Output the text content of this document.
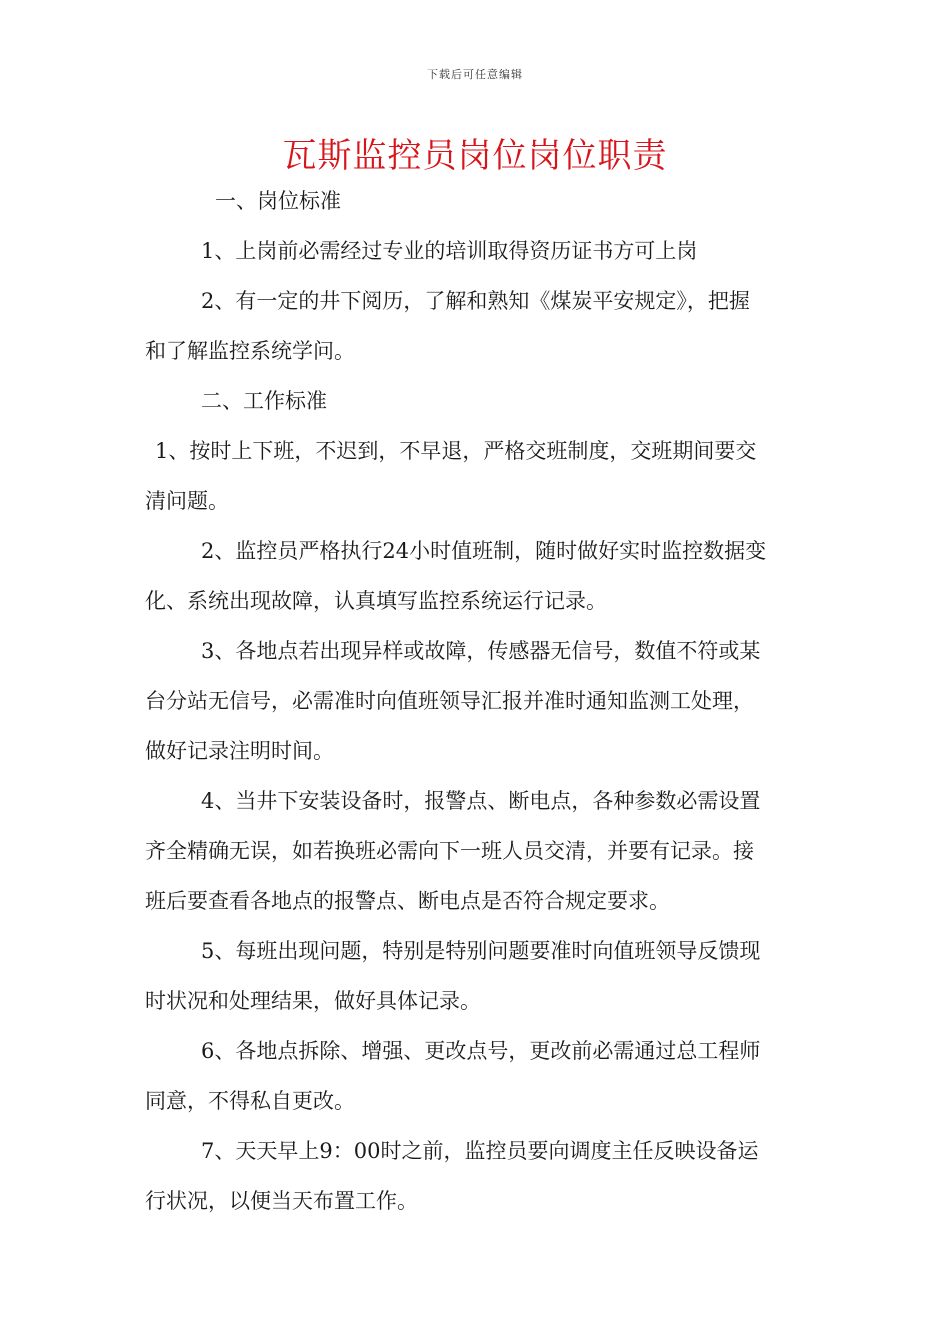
下载后可任意编辑
瓦斯监控员岗位岗位职责
一、岗位标准
1、上岗前必需经过专业的培训取得资历证书方可上岗
2、有一定的井下阅历，了解和熟知《煤炭平安规定》，把握
和了解监控系统学问。
二、工作标准
1、按时上下班，不迟到，不早退，严格交班制度，交班期间要交
清问题。
2、监控员严格执行24小时值班制，随时做好实时监控数据变
化、系统出现故障，认真填写监控系统运行记录。
3、各地点若出现异样或故障，传感器无信号，数值不符或某
台分站无信号，必需准时向值班领导汇报并准时通知监测工处理，
做好记录注明时间。
4、当井下安装设备时，报警点、断电点，各种参数必需设置
齐全精确无误，如若换班必需向下一班人员交清，并要有记录。接
班后要查看各地点的报警点、断电点是否符合规定要求。
5、每班出现问题，特别是特别问题要准时向值班领导反馈现
时状况和处理结果，做好具体记录。
6、各地点拆除、增强、更改点号，更改前必需通过总工程师
同意，不得私自更改。
7、天天早上9：00时之前，监控员要向调度主任反映设备运
行状况，以便当天布置工作。
